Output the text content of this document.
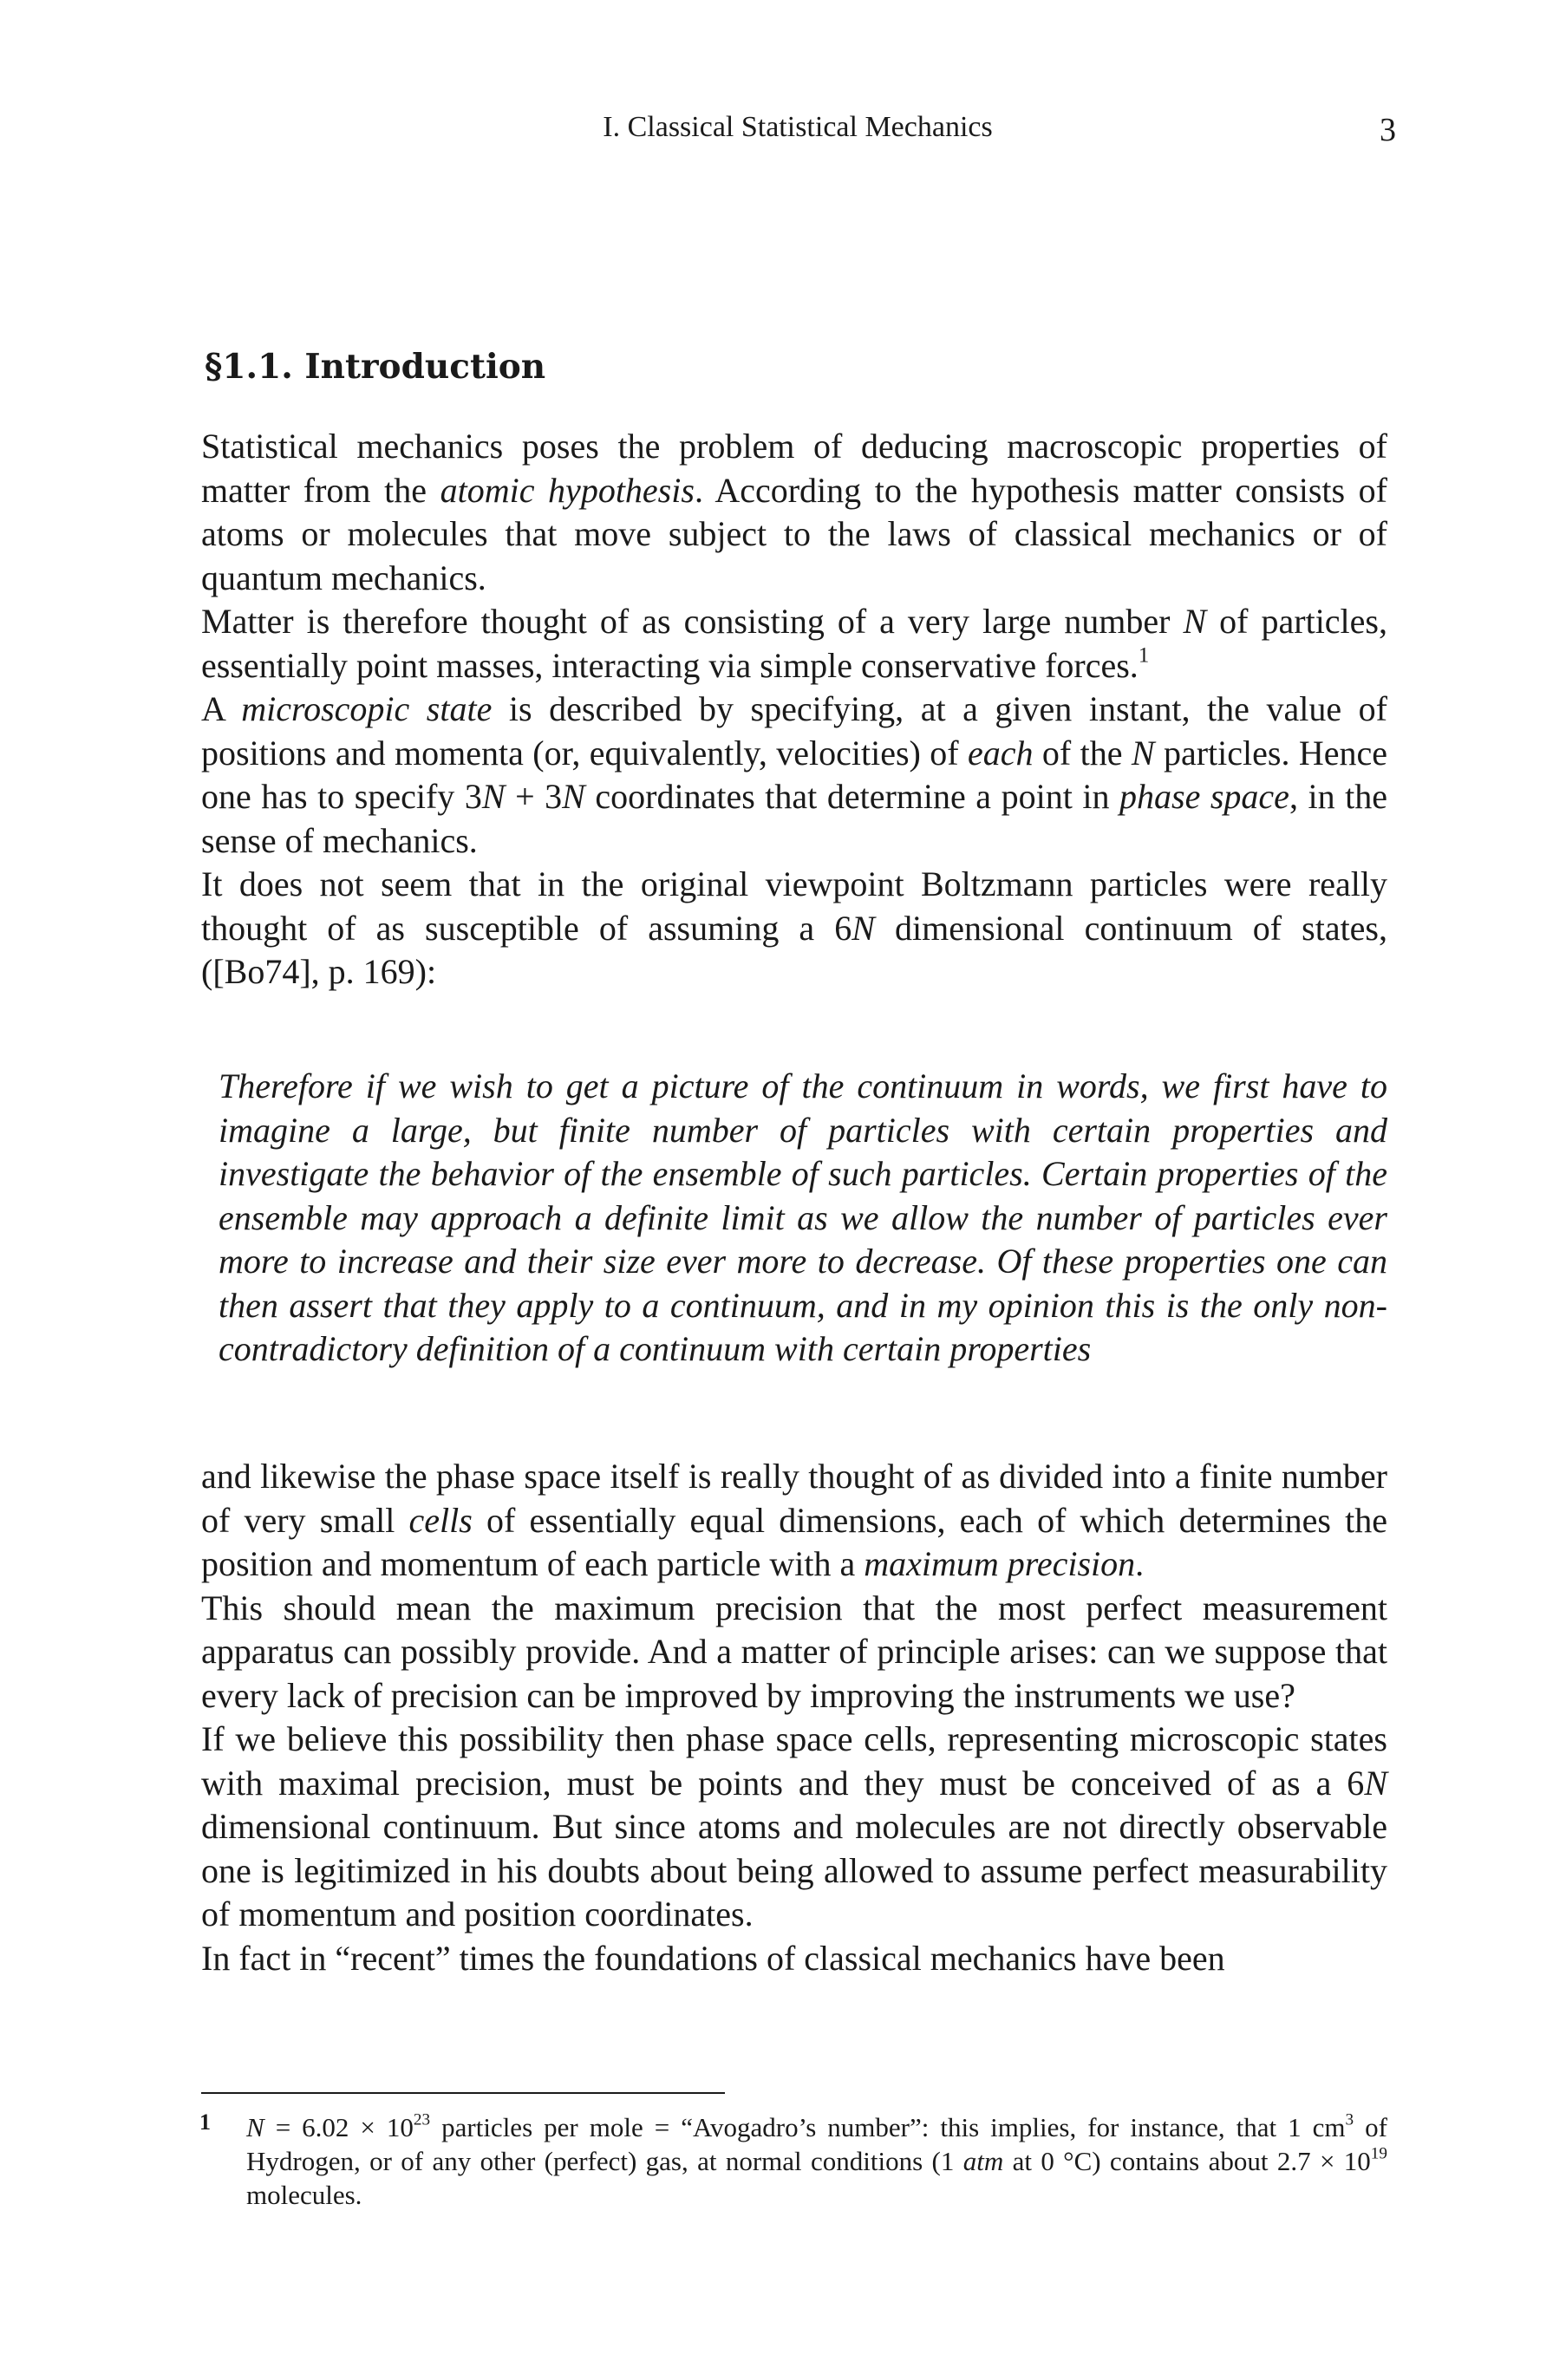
I. Classical Statistical Mechanics	3
§1.1. Introduction

Statistical mechanics poses the problem of deducing macroscopic properties of matter from the atomic hypothesis. According to the hypothesis matter consists of atoms or molecules that move subject to the laws of classical mechanics or of quantum mechanics.

Matter is therefore thought of as consisting of a very large number N of particles, essentially point masses, interacting via simple conservative forces.$^1$

A microscopic state is described by specifying, at a given instant, the value of positions and momenta (or, equivalently, velocities) of each of the N particles. Hence one has to specify 3N + 3N coordinates that determine a point in phase space, in the sense of mechanics.

It does not seem that in the original viewpoint Boltzmann particles were really thought of as susceptible of assuming a 6N dimensional continuum of states, ([Bo74], p. 169):

Therefore if we wish to get a picture of the continuum in words, we first have to imagine a large, but finite number of particles with certain properties and investigate the behavior of the ensemble of such particles. Certain properties of the ensemble may approach a definite limit as we allow the number of particles ever more to increase and their size ever more to decrease. Of these properties one can then assert that they apply to a continuum, and in my opinion this is the only non-contradictory definition of a continuum with certain properties

and likewise the phase space itself is really thought of as divided into a finite number of very small cells of essentially equal dimensions, each of which determines the position and momentum of each particle with a maximum precision.

This should mean the maximum precision that the most perfect measurement apparatus can possibly provide. And a matter of principle arises: can we suppose that every lack of precision can be improved by improving the instruments we use?

If we believe this possibility then phase space cells, representing microscopic states with maximal precision, must be points and they must be conceived of as a 6N dimensional continuum. But since atoms and molecules are not directly observable one is legitimized in his doubts about being allowed to assume perfect measurability of momentum and position coordinates.

In fact in “recent” times the foundations of classical mechanics have been

1 $N = 6.02 \times 10^{23}$ particles per mole = “Avogadro’s number”: this implies, for instance, that 1 $cm^3$ of Hydrogen, or of any other (perfect) gas, at normal conditions (1 atm at 0 °C) contains about $2.7 \times 10^{19}$ molecules.
